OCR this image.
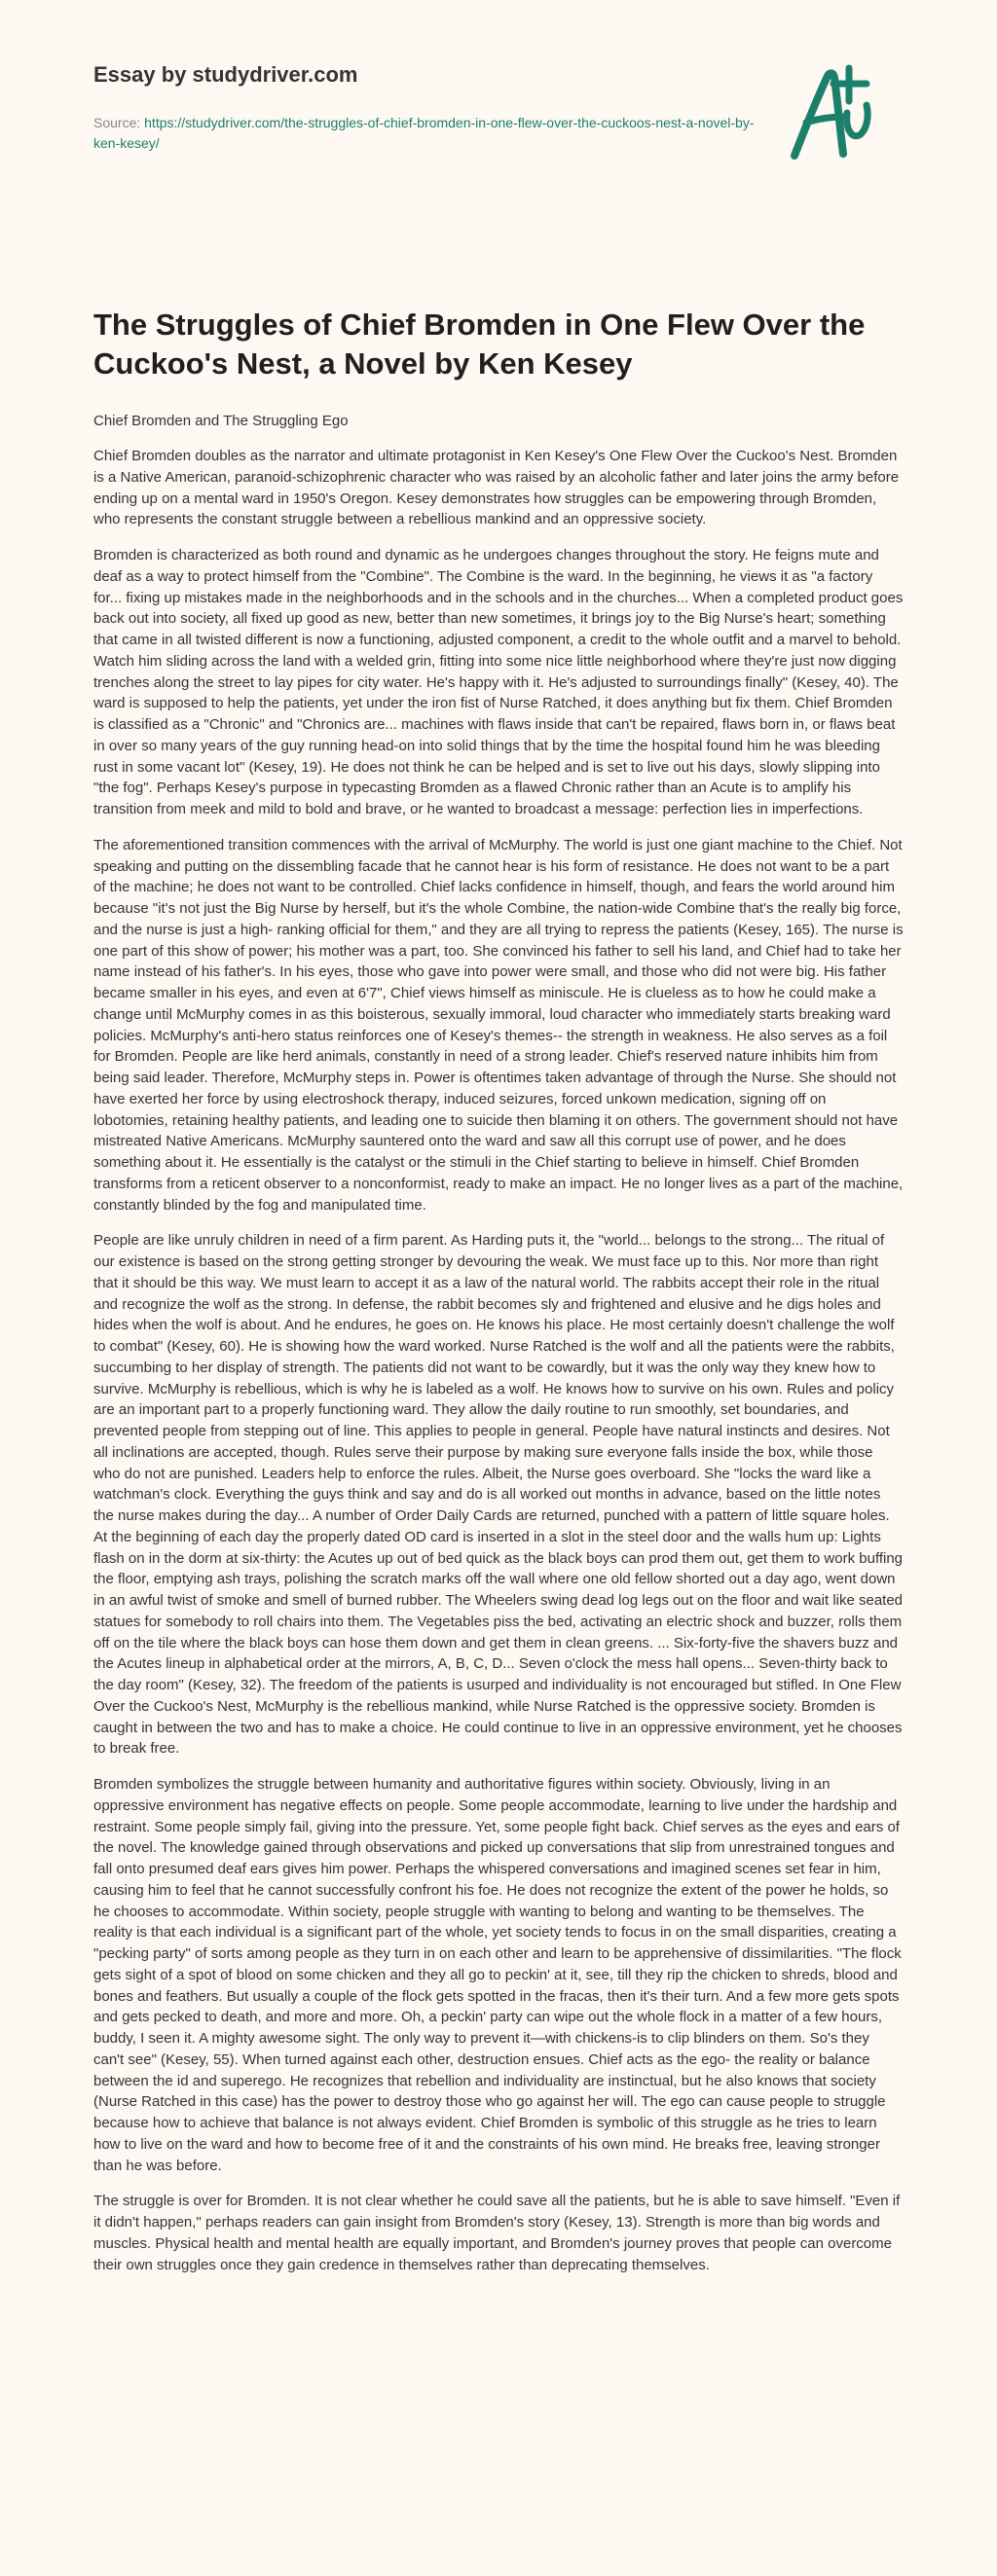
Essay by studydriver.com
Source: https://studydriver.com/the-struggles-of-chief-bromden-in-one-flew-over-the-cuckoos-nest-a-novel-by-ken-kesey/
The Struggles of Chief Bromden in One Flew Over the Cuckoo's Nest, a Novel by Ken Kesey
Chief Bromden and The Struggling Ego

Chief Bromden doubles as the narrator and ultimate protagonist in Ken Kesey's One Flew Over the Cuckoo's Nest. Bromden is a Native American, paranoid-schizophrenic character who was raised by an alcoholic father and later joins the army before ending up on a mental ward in 1950's Oregon. Kesey demonstrates how struggles can be empowering through Bromden, who represents the constant struggle between a rebellious mankind and an oppressive society.

Bromden is characterized as both round and dynamic as he undergoes changes throughout the story. He feigns mute and deaf as a way to protect himself from the "Combine". The Combine is the ward. In the beginning, he views it as "a factory for... fixing up mistakes made in the neighborhoods and in the schools and in the churches... When a completed product goes back out into society, all fixed up good as new, better than new sometimes, it brings joy to the Big Nurse's heart; something that came in all twisted different is now a functioning, adjusted component, a credit to the whole outfit and a marvel to behold. Watch him sliding across the land with a welded grin, fitting into some nice little neighborhood where they're just now digging trenches along the street to lay pipes for city water. He's happy with it. He's adjusted to surroundings finally" (Kesey, 40). The ward is supposed to help the patients, yet under the iron fist of Nurse Ratched, it does anything but fix them. Chief Bromden is classified as a "Chronic" and "Chronics are... machines with flaws inside that can't be repaired, flaws born in, or flaws beat in over so many years of the guy running head-on into solid things that by the time the hospital found him he was bleeding rust in some vacant lot" (Kesey, 19). He does not think he can be helped and is set to live out his days, slowly slipping into "the fog". Perhaps Kesey's purpose in typecasting Bromden as a flawed Chronic rather than an Acute is to amplify his transition from meek and mild to bold and brave, or he wanted to broadcast a message: perfection lies in imperfections.

The aforementioned transition commences with the arrival of McMurphy. The world is just one giant machine to the Chief. Not speaking and putting on the dissembling facade that he cannot hear is his form of resistance. He does not want to be a part of the machine; he does not want to be controlled. Chief lacks confidence in himself, though, and fears the world around him because "it's not just the Big Nurse by herself, but it's the whole Combine, the nation-wide Combine that's the really big force, and the nurse is just a high- ranking official for them," and they are all trying to repress the patients (Kesey, 165). The nurse is one part of this show of power; his mother was a part, too. She convinced his father to sell his land, and Chief had to take her name instead of his father's. In his eyes, those who gave into power were small, and those who did not were big. His father became smaller in his eyes, and even at 6'7", Chief views himself as miniscule. He is clueless as to how he could make a change until McMurphy comes in as this boisterous, sexually immoral, loud character who immediately starts breaking ward policies. McMurphy's anti-hero status reinforces one of Kesey's themes-- the strength in weakness. He also serves as a foil for Bromden. People are like herd animals, constantly in need of a strong leader. Chief's reserved nature inhibits him from being said leader. Therefore, McMurphy steps in. Power is oftentimes taken advantage of through the Nurse. She should not have exerted her force by using electroshock therapy, induced seizures, forced unkown medication, signing off on lobotomies, retaining healthy patients, and leading one to suicide then blaming it on others. The government should not have mistreated Native Americans. McMurphy sauntered onto the ward and saw all this corrupt use of power, and he does something about it. He essentially is the catalyst or the stimuli in the Chief starting to believe in himself. Chief Bromden transforms from a reticent observer to a nonconformist, ready to make an impact. He no longer lives as a part of the machine, constantly blinded by the fog and manipulated time.

People are like unruly children in need of a firm parent. As Harding puts it, the "world... belongs to the strong... The ritual of our existence is based on the strong getting stronger by devouring the weak. We must face up to this. Nor more than right that it should be this way. We must learn to accept it as a law of the natural world. The rabbits accept their role in the ritual and recognize the wolf as the strong. In defense, the rabbit becomes sly and frightened and elusive and he digs holes and hides when the wolf is about. And he endures, he goes on. He knows his place. He most certainly doesn't challenge the wolf to combat" (Kesey, 60). He is showing how the ward worked. Nurse Ratched is the wolf and all the patients were the rabbits, succumbing to her display of strength. The patients did not want to be cowardly, but it was the only way they knew how to survive. McMurphy is rebellious, which is why he is labeled as a wolf. He knows how to survive on his own. Rules and policy are an important part to a properly functioning ward. They allow the daily routine to run smoothly, set boundaries, and prevented people from stepping out of line. This applies to people in general. People have natural instincts and desires. Not all inclinations are accepted, though. Rules serve their purpose by making sure everyone falls inside the box, while those who do not are punished. Leaders help to enforce the rules. Albeit, the Nurse goes overboard. She "locks the ward like a watchman's clock. Everything the guys think and say and do is all worked out months in advance, based on the little notes the nurse makes during the day... A number of Order Daily Cards are returned, punched with a pattern of little square holes. At the beginning of each day the properly dated OD card is inserted in a slot in the steel door and the walls hum up: Lights flash on in the dorm at six-thirty: the Acutes up out of bed quick as the black boys can prod them out, get them to work buffing the floor, emptying ash trays, polishing the scratch marks off the wall where one old fellow shorted out a day ago, went down in an awful twist of smoke and smell of burned rubber. The Wheelers swing dead log legs out on the floor and wait like seated statues for somebody to roll chairs into them. The Vegetables piss the bed, activating an electric shock and buzzer, rolls them off on the tile where the black boys can hose them down and get them in clean greens. ... Six-forty-five the shavers buzz and the Acutes lineup in alphabetical order at the mirrors, A, B, C, D... Seven o'clock the mess hall opens... Seven-thirty back to the day room" (Kesey, 32). The freedom of the patients is usurped and individuality is not encouraged but stifled. In One Flew Over the Cuckoo's Nest, McMurphy is the rebellious mankind, while Nurse Ratched is the oppressive society. Bromden is caught in between the two and has to make a choice. He could continue to live in an oppressive environment, yet he chooses to break free.

Bromden symbolizes the struggle between humanity and authoritative figures within society. Obviously, living in an oppressive environment has negative effects on people. Some people accommodate, learning to live under the hardship and restraint. Some people simply fail, giving into the pressure. Yet, some people fight back. Chief serves as the eyes and ears of the novel. The knowledge gained through observations and picked up conversations that slip from unrestrained tongues and fall onto presumed deaf ears gives him power. Perhaps the whispered conversations and imagined scenes set fear in him, causing him to feel that he cannot successfully confront his foe. He does not recognize the extent of the power he holds, so he chooses to accommodate. Within society, people struggle with wanting to belong and wanting to be themselves. The reality is that each individual is a significant part of the whole, yet society tends to focus in on the small disparities, creating a "pecking party" of sorts among people as they turn in on each other and learn to be apprehensive of dissimilarities. "The flock gets sight of a spot of blood on some chicken and they all go to peckin' at it, see, till they rip the chicken to shreds, blood and bones and feathers. But usually a couple of the flock gets spotted in the fracas, then it's their turn. And a few more gets spots and gets pecked to death, and more and more. Oh, a peckin' party can wipe out the whole flock in a matter of a few hours, buddy, I seen it. A mighty awesome sight. The only way to prevent it—with chickens-is to clip blinders on them. So's they can't see" (Kesey, 55). When turned against each other, destruction ensues. Chief acts as the ego- the reality or balance between the id and superego. He recognizes that rebellion and individuality are instinctual, but he also knows that society (Nurse Ratched in this case) has the power to destroy those who go against her will. The ego can cause people to struggle because how to achieve that balance is not always evident. Chief Bromden is symbolic of this struggle as he tries to learn how to live on the ward and how to become free of it and the constraints of his own mind. He breaks free, leaving stronger than he was before.

The struggle is over for Bromden. It is not clear whether he could save all the patients, but he is able to save himself. "Even if it didn't happen," perhaps readers can gain insight from Bromden's story (Kesey, 13). Strength is more than big words and muscles. Physical health and mental health are equally important, and Bromden's journey proves that people can overcome their own struggles once they gain credence in themselves rather than deprecating themselves.
